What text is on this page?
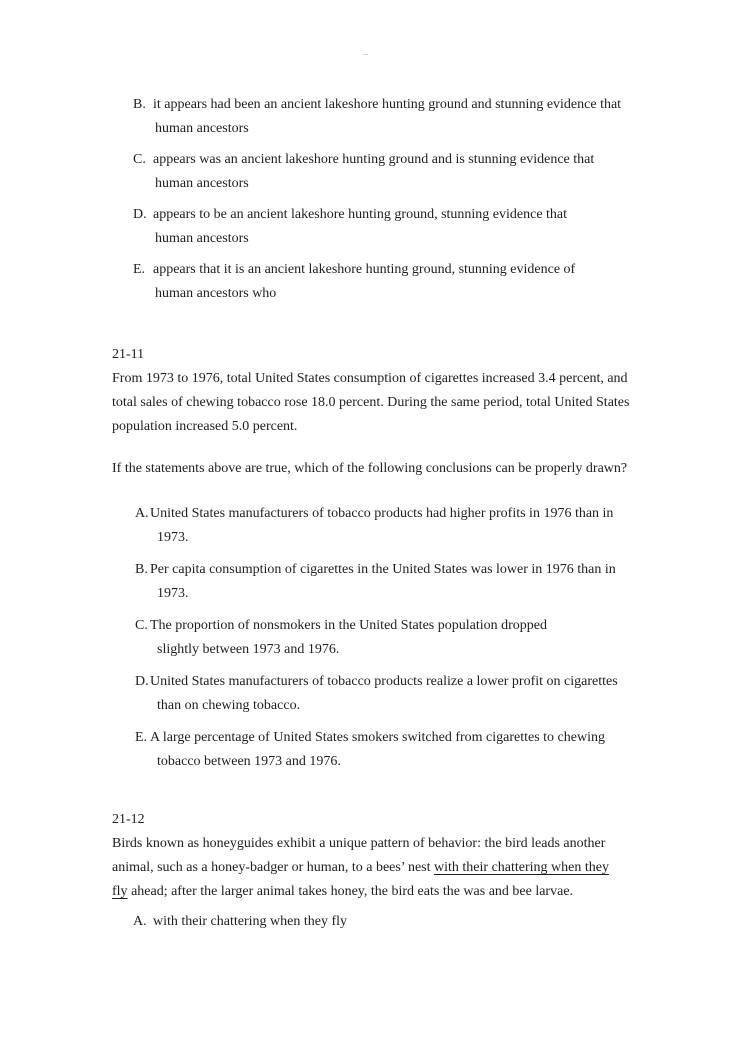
–
B. it appears had been an ancient lakeshore hunting ground and stunning evidence that
human ancestors
C. appears was an ancient lakeshore hunting ground and is stunning evidence that
human ancestors
D. appears to be an ancient lakeshore hunting ground, stunning evidence that
human ancestors
E. appears that it is an ancient lakeshore hunting ground, stunning evidence of
human ancestors who
21-11
From 1973 to 1976, total United States consumption of cigarettes increased 3.4 percent, and
total sales of chewing tobacco rose 18.0 percent. During the same period, total United States
population increased 5.0 percent.
If the statements above are true, which of the following conclusions can be properly drawn?
A. United States manufacturers of tobacco products had higher profits in 1976 than in
1973.
B. Per capita consumption of cigarettes in the United States was lower in 1976 than in
1973.
C. The proportion of nonsmokers in the United States population dropped
slightly between 1973 and 1976.
D. United States manufacturers of tobacco products realize a lower profit on cigarettes
than on chewing tobacco.
E. A large percentage of United States smokers switched from cigarettes to chewing
tobacco between 1973 and 1976.
21-12
Birds known as honeyguides exhibit a unique pattern of behavior: the bird leads another
animal, such as a honey-badger or human, to a bees’ nest with their chattering when they
fly ahead; after the larger animal takes honey, the bird eats the was and bee larvae.
A. with their chattering when they fly
